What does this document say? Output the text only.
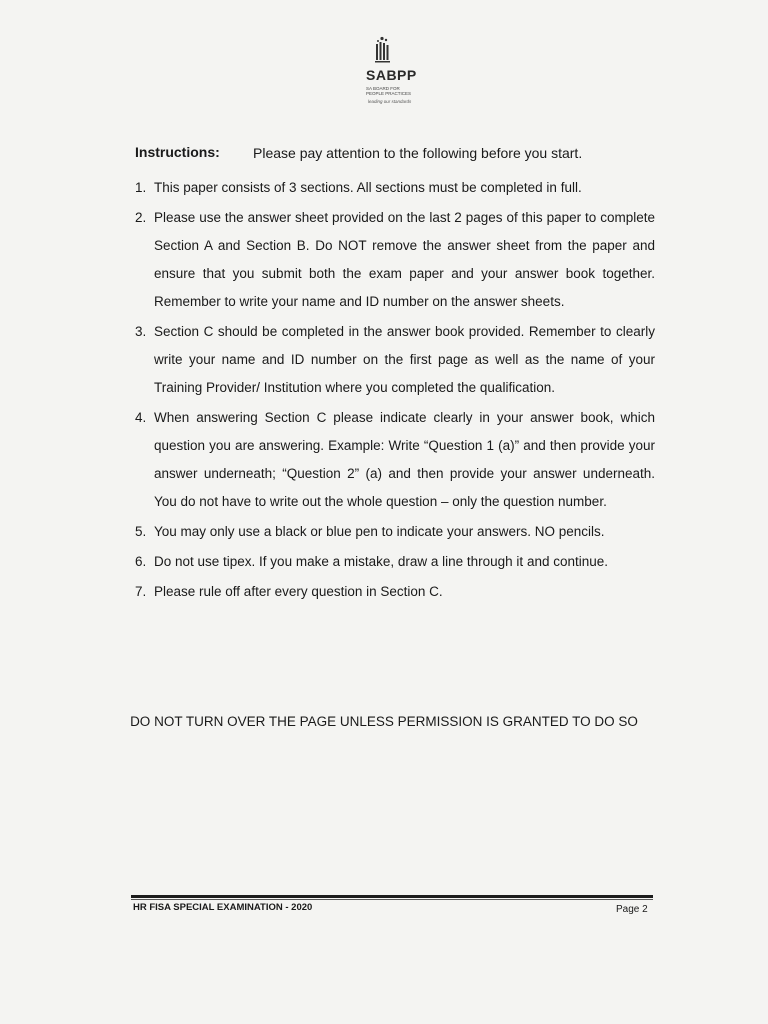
SABPP
SA BOARD FOR
PEOPLE PRACTICES
leading our standards
Instructions: Please pay attention to the following before you start.
1. This paper consists of 3 sections. All sections must be completed in full.
2. Please use the answer sheet provided on the last 2 pages of this paper to complete Section A and Section B. Do NOT remove the answer sheet from the paper and ensure that you submit both the exam paper and your answer book together. Remember to write your name and ID number on the answer sheets.
3. Section C should be completed in the answer book provided. Remember to clearly write your name and ID number on the first page as well as the name of your Training Provider/ Institution where you completed the qualification.
4. When answering Section C please indicate clearly in your answer book, which question you are answering. Example: Write “Question 1 (a)” and then provide your answer underneath; “Question 2” (a) and then provide your answer underneath. You do not have to write out the whole question – only the question number.
5. You may only use a black or blue pen to indicate your answers. NO pencils.
6. Do not use tipex. If you make a mistake, draw a line through it and continue.
7. Please rule off after every question in Section C.
DO NOT TURN OVER THE PAGE UNLESS PERMISSION IS GRANTED TO DO SO
HR FISA SPECIAL EXAMINATION - 2020	Page 2
